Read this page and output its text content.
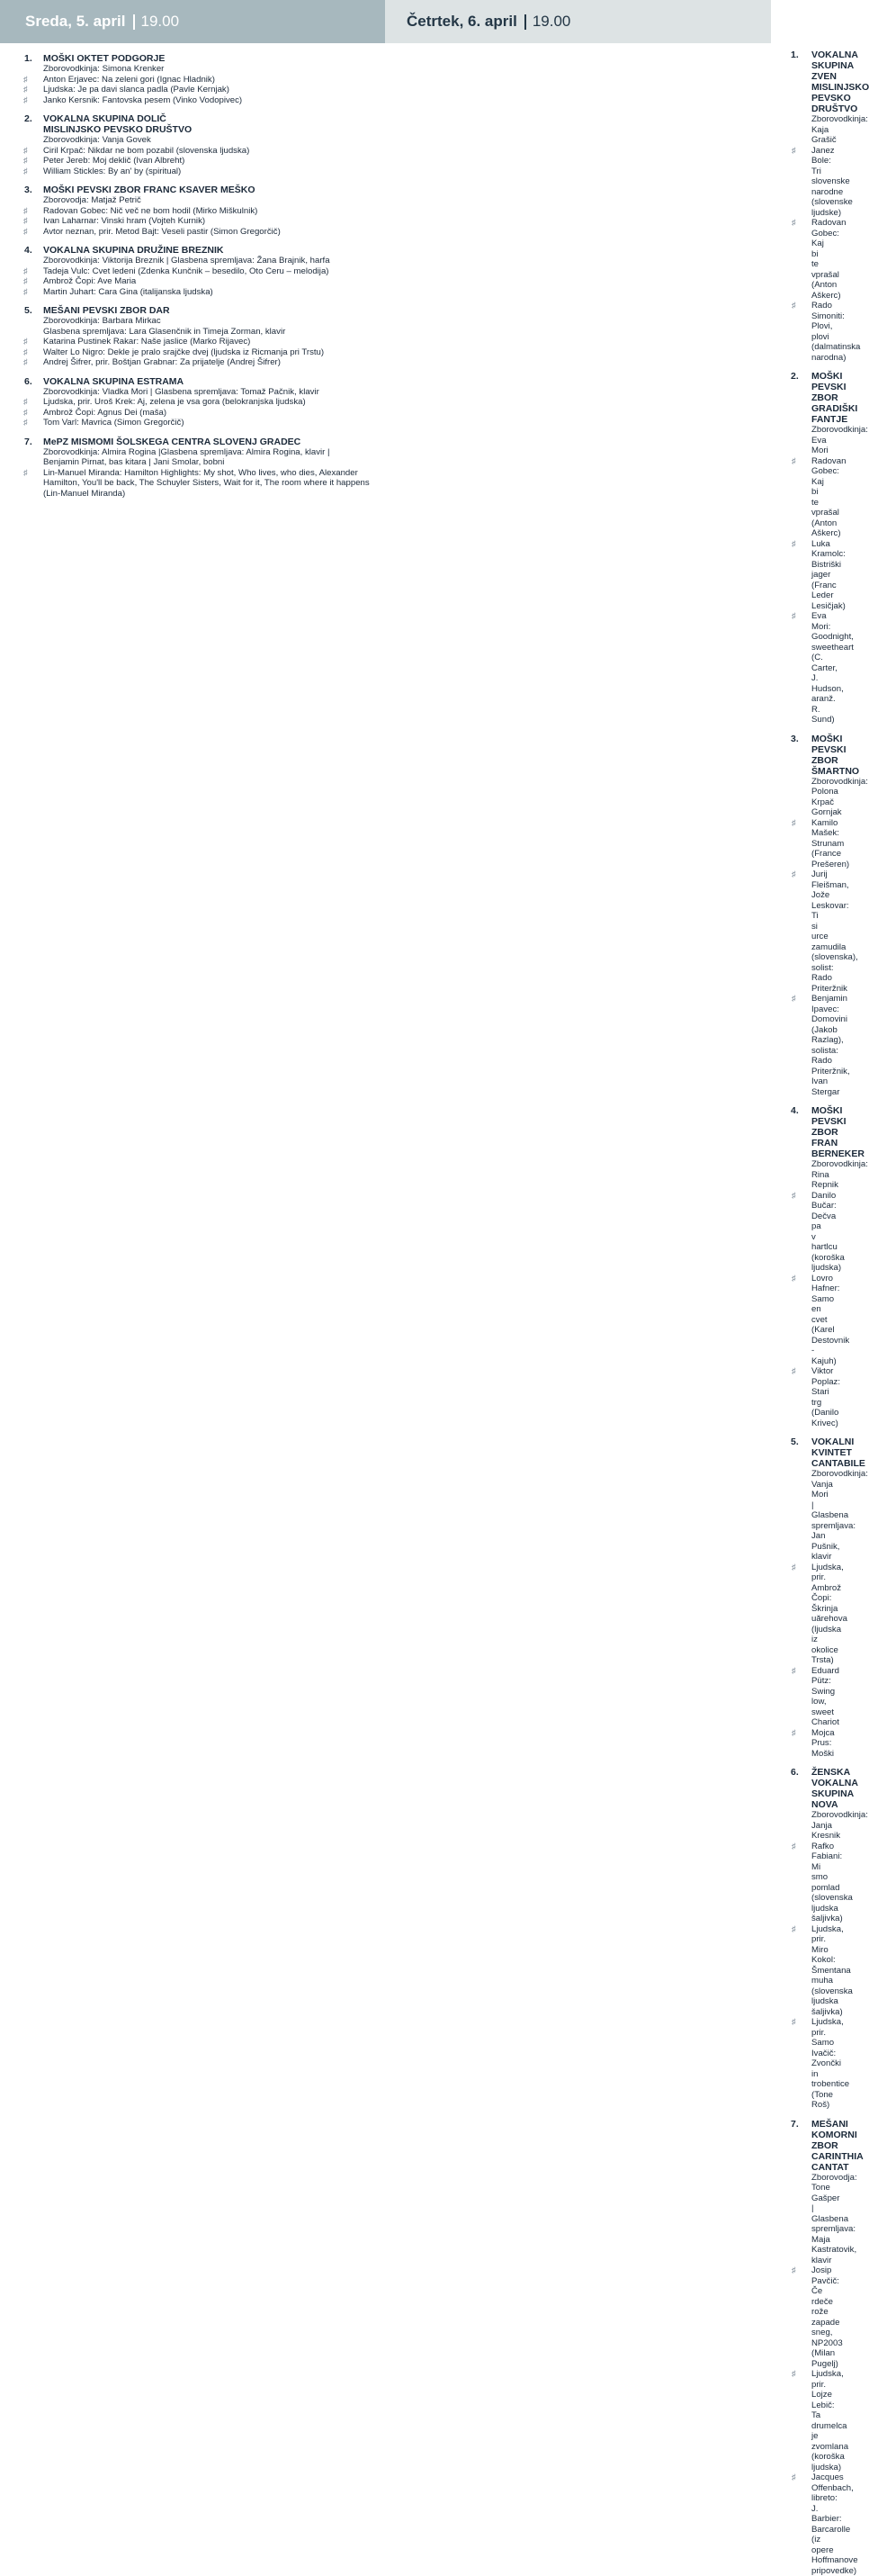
Sreda, 5. april 19.00
1. MOŠKI OKTET PODGORJE
Zborovodkinja: Simona Krenker
♯ Anton Erjavec: Na zeleni gori (Ignac Hladnik)
♯ Ljudska: Je pa davi slanca padla (Pavle Kernjak)
♯ Janko Kersnik: Fantovska pesem (Vinko Vodopivec)
2. VOKALNA SKUPINA DOLIČ
MISLINJSKO PEVSKO DRUŠTVO
Zborovodkinja: Vanja Govek
♯ Ciril Krpač: Nikdar ne bom pozabil (slovenska ljudska)
♯ Peter Jereb: Moj deklič (Ivan Albreht)
♯ William Stickles: By an' by (spiritual)
3. MOŠKI PEVSKI ZBOR FRANC KSAVER MEŠKO
Zborovodja: Matjaž Petrič
♯ Radovan Gobec: Nič več ne bom hodil (Mirko Miškulnik)
♯ Ivan Laharnar: Vinski hram (Vojteh Kurnik)
♯ Avtor neznan, prir. Metod Bajt: Veseli pastir (Simon Gregorčič)
4. VOKALNA SKUPINA DRUŽINE BREZNIK
Zborovodkinja: Viktorija Breznik | Glasbena spremljava: Žana Brajnik, harfa
♯ Tadeja Vulc: Cvet ledeni (Zdenka Kunčnik – besedilo, Oto Ceru – melodija)
♯ Ambrož Čopi: Ave Maria
♯ Martin Juhart: Cara Gina (italijanska ljudska)
5. MEŠANI PEVSKI ZBOR DAR
Zborovodkinja: Barbara Mirkac
Glasbena spremljava: Lara Glasenčnik in Timeja Zorman, klavir
♯ Katarina Pustinek Rakar: Naše jaslice (Marko Rijavec)
♯ Walter Lo Nigro: Dekle je pralo srajčke dvej (ljudska iz Ricmanja pri Trstu)
♯ Andrej Šifrer, prir. Boštjan Grabnar: Za prijatelje (Andrej Šifrer)
6. VOKALNA SKUPINA ESTRAMA
Zborovodkinja: Vladka Mori | Glasbena spremljava: Tomaž Pačnik, klavir
♯ Ljudska, prir. Uroš Krek: Aj, zelena je vsa gora (belokranjska ljudska)
♯ Ambrož Čopi: Agnus Dei (maša)
♯ Tom Varl: Mavrica (Simon Gregorčič)
7. MePZ MISMOMI ŠOLSKEGA CENTRA SLOVENJ GRADEC
Zborovodkinja: Almira Rogina |Glasbena spremljava: Almira Rogina, klavir |
Benjamin Pirnat, bas kitara | Jani Smolar, bobni
♯ Lin-Manuel Miranda: Hamilton Highlights: My shot, Who lives, who dies, Alexander Hamilton, You'll be back, The Schuyler Sisters, Wait for it, The room where it happens (Lin-Manuel Miranda)
Četrtek, 6. april 19.00
1. VOKALNA SKUPINA ZVEN
MISLINJSKO PEVSKO DRUŠTVO
Zborovodkinja: Kaja Grašič
♯ Janez Bole: Tri slovenske narodne (slovenske ljudske)
♯ Radovan Gobec: Kaj bi te vprašal (Anton Aškerc)
♯ Rado Simoniti: Plovi, plovi (dalmatinska narodna)
2. MOŠKI PEVSKI ZBOR GRADIŠKI FANTJE
Zborovodkinja: Eva Mori
♯ Radovan Gobec: Kaj bi te vprašal (Anton Aškerc)
♯ Luka Kramolc: Bistriški jager (Franc Leder Lesičjak)
♯ Eva Mori: Goodnight, sweetheart (C. Carter, J. Hudson, aranž. R. Sund)
3. MOŠKI PEVSKI ZBOR ŠMARTNO
Zborovodkinja: Polona Krpač Gornjak
♯ Kamilo Mašek: Strunam (France Prešeren)
♯ Jurij Fleišman, Jože Leskovar: Ti si urce zamudila (slovenska), solist: Rado Priteržnik
♯ Benjamin Ipavec: Domovini (Jakob Razlag), solista: Rado Priteržnik, Ivan Stergar
4. MOŠKI PEVSKI ZBOR FRAN BERNEKER
Zborovodkinja: Rina Repnik
♯ Danilo Bučar: Dečva pa v hartlcu (koroška ljudska)
♯ Lovro Hafner: Samo en cvet (Karel Destovnik - Kajuh)
♯ Viktor Poplaz: Stari trg (Danilo Krivec)
5. VOKALNI KVINTET CANTABILE
Zborovodkinja: Vanja Mori | Glasbena spremljava: Jan Pušnik, klavir
♯ Ljudska, prir. Ambrož Čopi: Škrinja uărehova (ljudska iz okolice Trsta)
♯ Eduard Pütz: Swing low, sweet Chariot
♯ Mojca Prus: Moški
6. ŽENSKA VOKALNA SKUPINA NOVA
Zborovodkinja: Janja Kresnik
♯ Rafko Fabiani: Mi smo pomlad (slovenska ljudska šaljivka)
♯ Ljudska, prir. Miro Kokol: Šmentana muha (slovenska ljudska šaljivka)
♯ Ljudska, prir. Samo Ivačič: Zvončki in trobentice (Tone Roš)
7. MEŠANI KOMORNI ZBOR CARINTHIA CANTAT
Zborovodja: Tone Gašper | Glasbena spremljava: Maja Kastratovik, klavir
♯ Josip Pavčič: Če rdeče rože zapade sneg, NP2003 (Milan Pugelj)
♯ Ljudska, prir. Lojze Lebič: Ta drumelca je zvomlana (koroška ljudska)
♯ Jacques Offenbach, libreto: J. Barbier: Barcarolle (iz opere Hoffmanove pripovedke)
